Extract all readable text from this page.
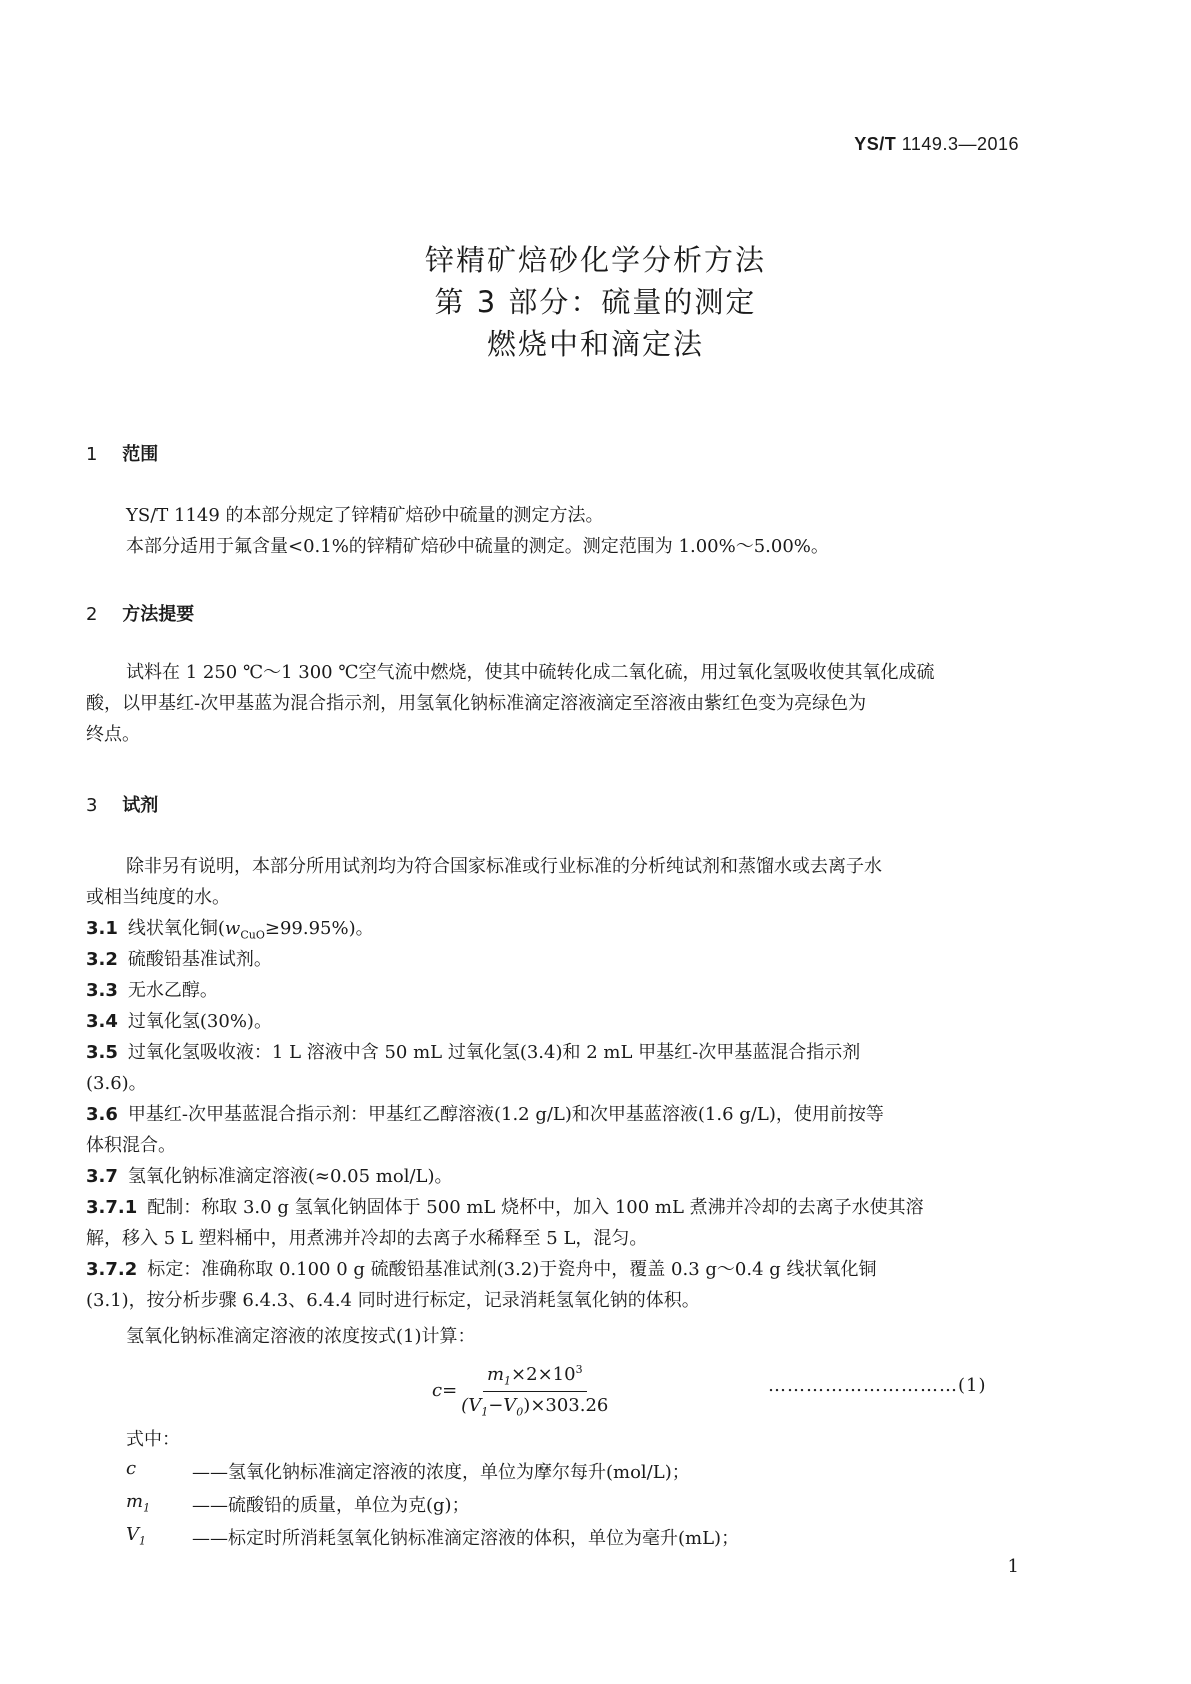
YS/T 1149.3—2016
锌精矿焙砂化学分析方法
第 3 部分：硫量的测定
燃烧中和滴定法
1 范围
YS/T 1149 的本部分规定了锌精矿焙砂中硫量的测定方法。
本部分适用于氟含量<0.1%的锌精矿焙砂中硫量的测定。测定范围为 1.00%～5.00%。
2 方法提要
试料在 1 250 ℃～1 300 ℃空气流中燃烧，使其中硫转化成二氧化硫，用过氧化氢吸收使其氧化成硫
酸，以甲基红-次甲基蓝为混合指示剂，用氢氧化钠标准滴定溶液滴定至溶液由紫红色变为亮绿色为
终点。
3 试剂
除非另有说明，本部分所用试剂均为符合国家标准或行业标准的分析纯试剂和蒸馏水或去离子水
或相当纯度的水。
3.1 线状氧化铜$(w_{CuO}\ge 99.95\%)$。
3.2 硫酸铅基准试剂。
3.3 无水乙醇。
3.4 过氧化氢(30%)。
3.5 过氧化氢吸收液：1 L 溶液中含 50 mL 过氧化氢(3.4)和 2 mL 甲基红-次甲基蓝混合指示剂
(3.6)。
3.6 甲基红-次甲基蓝混合指示剂：甲基红乙醇溶液(1.2 g/L)和次甲基蓝溶液(1.6 g/L)，使用前按等
体积混合。
3.7 氢氧化钠标准滴定溶液(≈0.05 mol/L)。
3.7.1 配制：称取 3.0 g 氢氧化钠固体于 500 mL 烧杯中，加入 100 mL 煮沸并冷却的去离子水使其溶
解，移入 5 L 塑料桶中，用煮沸并冷却的去离子水稀释至 5 L，混匀。
3.7.2 标定：准确称取 0.100 0 g 硫酸铅基准试剂(3.2)于瓷舟中，覆盖 0.3 g～0.4 g 线状氧化铜
(3.1)，按分析步骤 6.4.3、6.4.4 同时进行标定，记录消耗氢氧化钠的体积。
氢氧化钠标准滴定溶液的浓度按式(1)计算：
$c= \frac{m_1\times 2\times 10^3}{(V_1-V_0)\times 303.26}$	…………………………(1)
式中：
c	——氢氧化钠标准滴定溶液的浓度，单位为摩尔每升(mol/L)；
$m_1$ ——硫酸铅的质量，单位为克(g)；
$V_1$	——标定时所消耗氢氧化钠标准滴定溶液的体积，单位为毫升(mL)；
1
